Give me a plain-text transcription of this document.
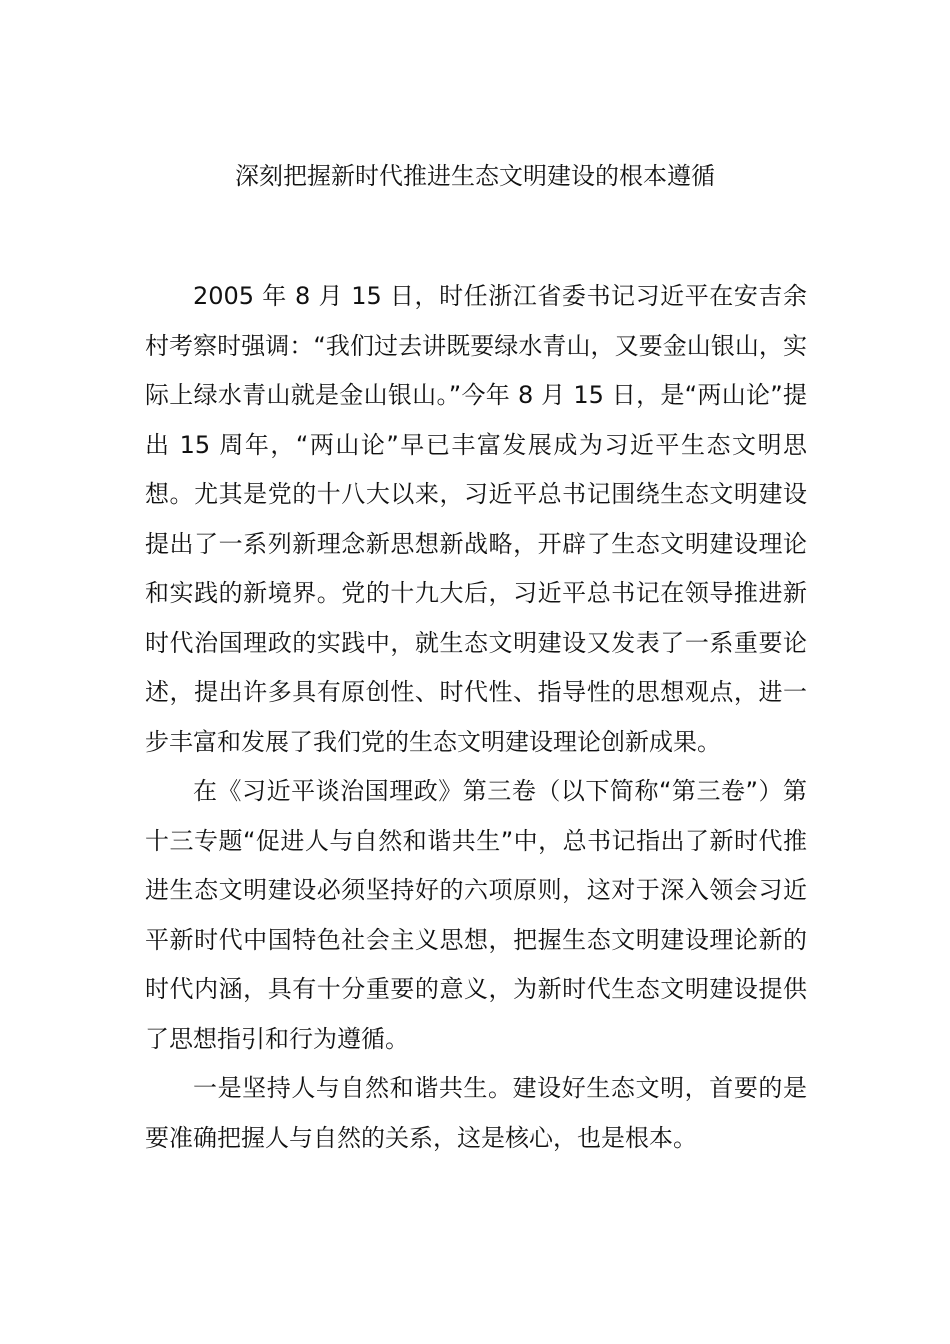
深刻把握新时代推进生态文明建设的根本遵循

2005 年 8 月 15 日，时任浙江省委书记习近平在安吉余村考察时强调：“我们过去讲既要绿水青山，又要金山银山，实际上绿水青山就是金山银山。”今年 8 月 15 日，是“两山论”提出 15 周年，“两山论”早已丰富发展成为习近平生态文明思想。尤其是党的十八大以来，习近平总书记围绕生态文明建设提出了一系列新理念新思想新战略，开辟了生态文明建设理论和实践的新境界。党的十九大后，习近平总书记在领导推进新时代治国理政的实践中，就生态文明建设又发表了一系重要论述，提出许多具有原创性、时代性、指导性的思想观点，进一步丰富和发展了我们党的生态文明建设理论创新成果。

在《习近平谈治国理政》第三卷（以下简称“第三卷”）第十三专题“促进人与自然和谐共生”中，总书记指出了新时代推进生态文明建设必须坚持好的六项原则，这对于深入领会习近平新时代中国特色社会主义思想，把握生态文明建设理论新的时代内涵，具有十分重要的意义，为新时代生态文明建设提供了思想指引和行为遵循。

一是坚持人与自然和谐共生。建设好生态文明，首要的是要准确把握人与自然的关系，这是核心，也是根本。
